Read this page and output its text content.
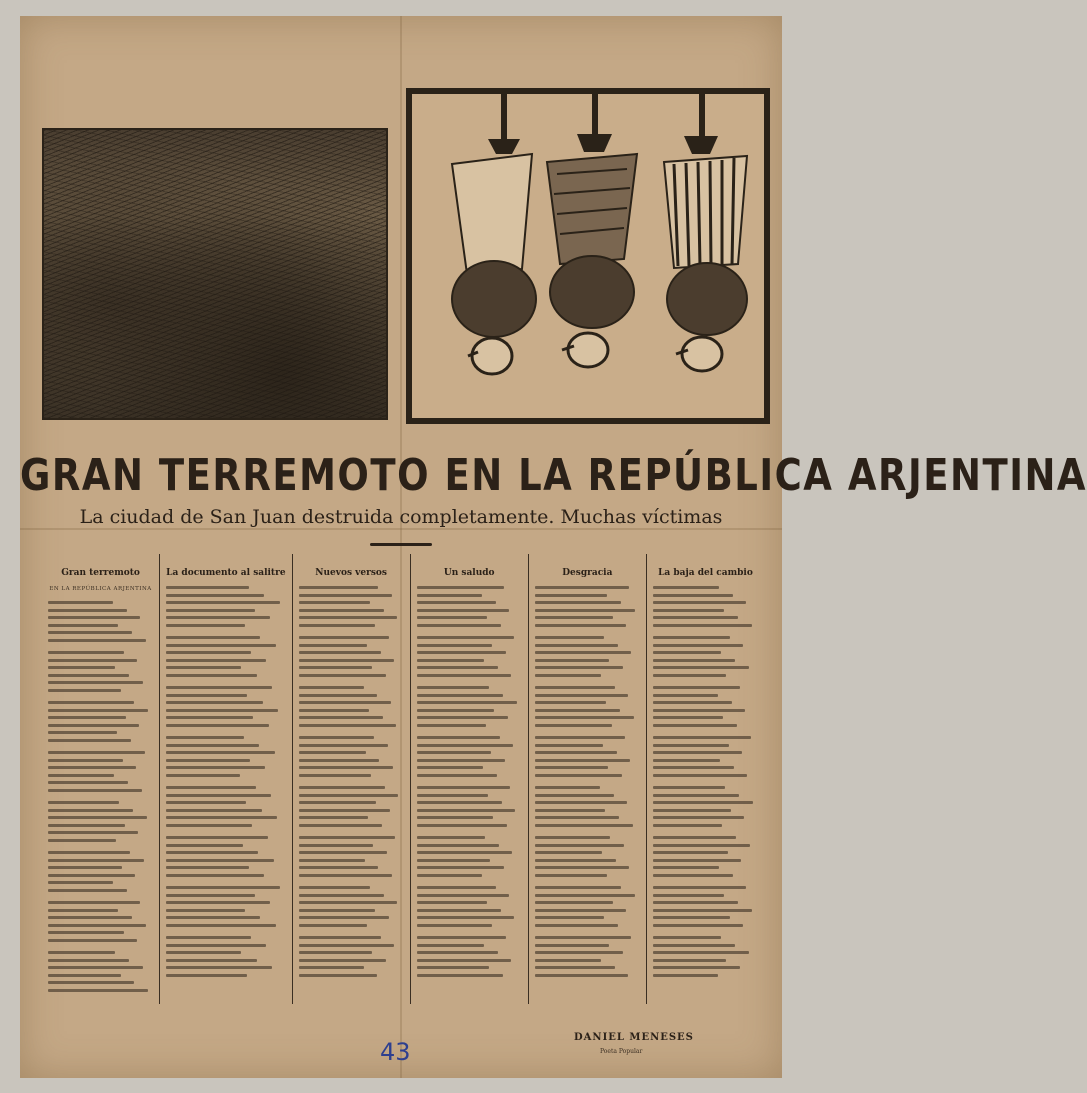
GRAN TERREMOTO EN LA REPÚBLICA ARJENTINA
La ciudad de San Juan destruida completamente. Muchas víctimas
Gran terremoto
EN LA REPÚBLICA ARJENTINA
La documento al salitre	Nuevos versos	Un saludo	Desgracia	La baja del cambio
43
DANIEL MENESES
Poeta Popular
